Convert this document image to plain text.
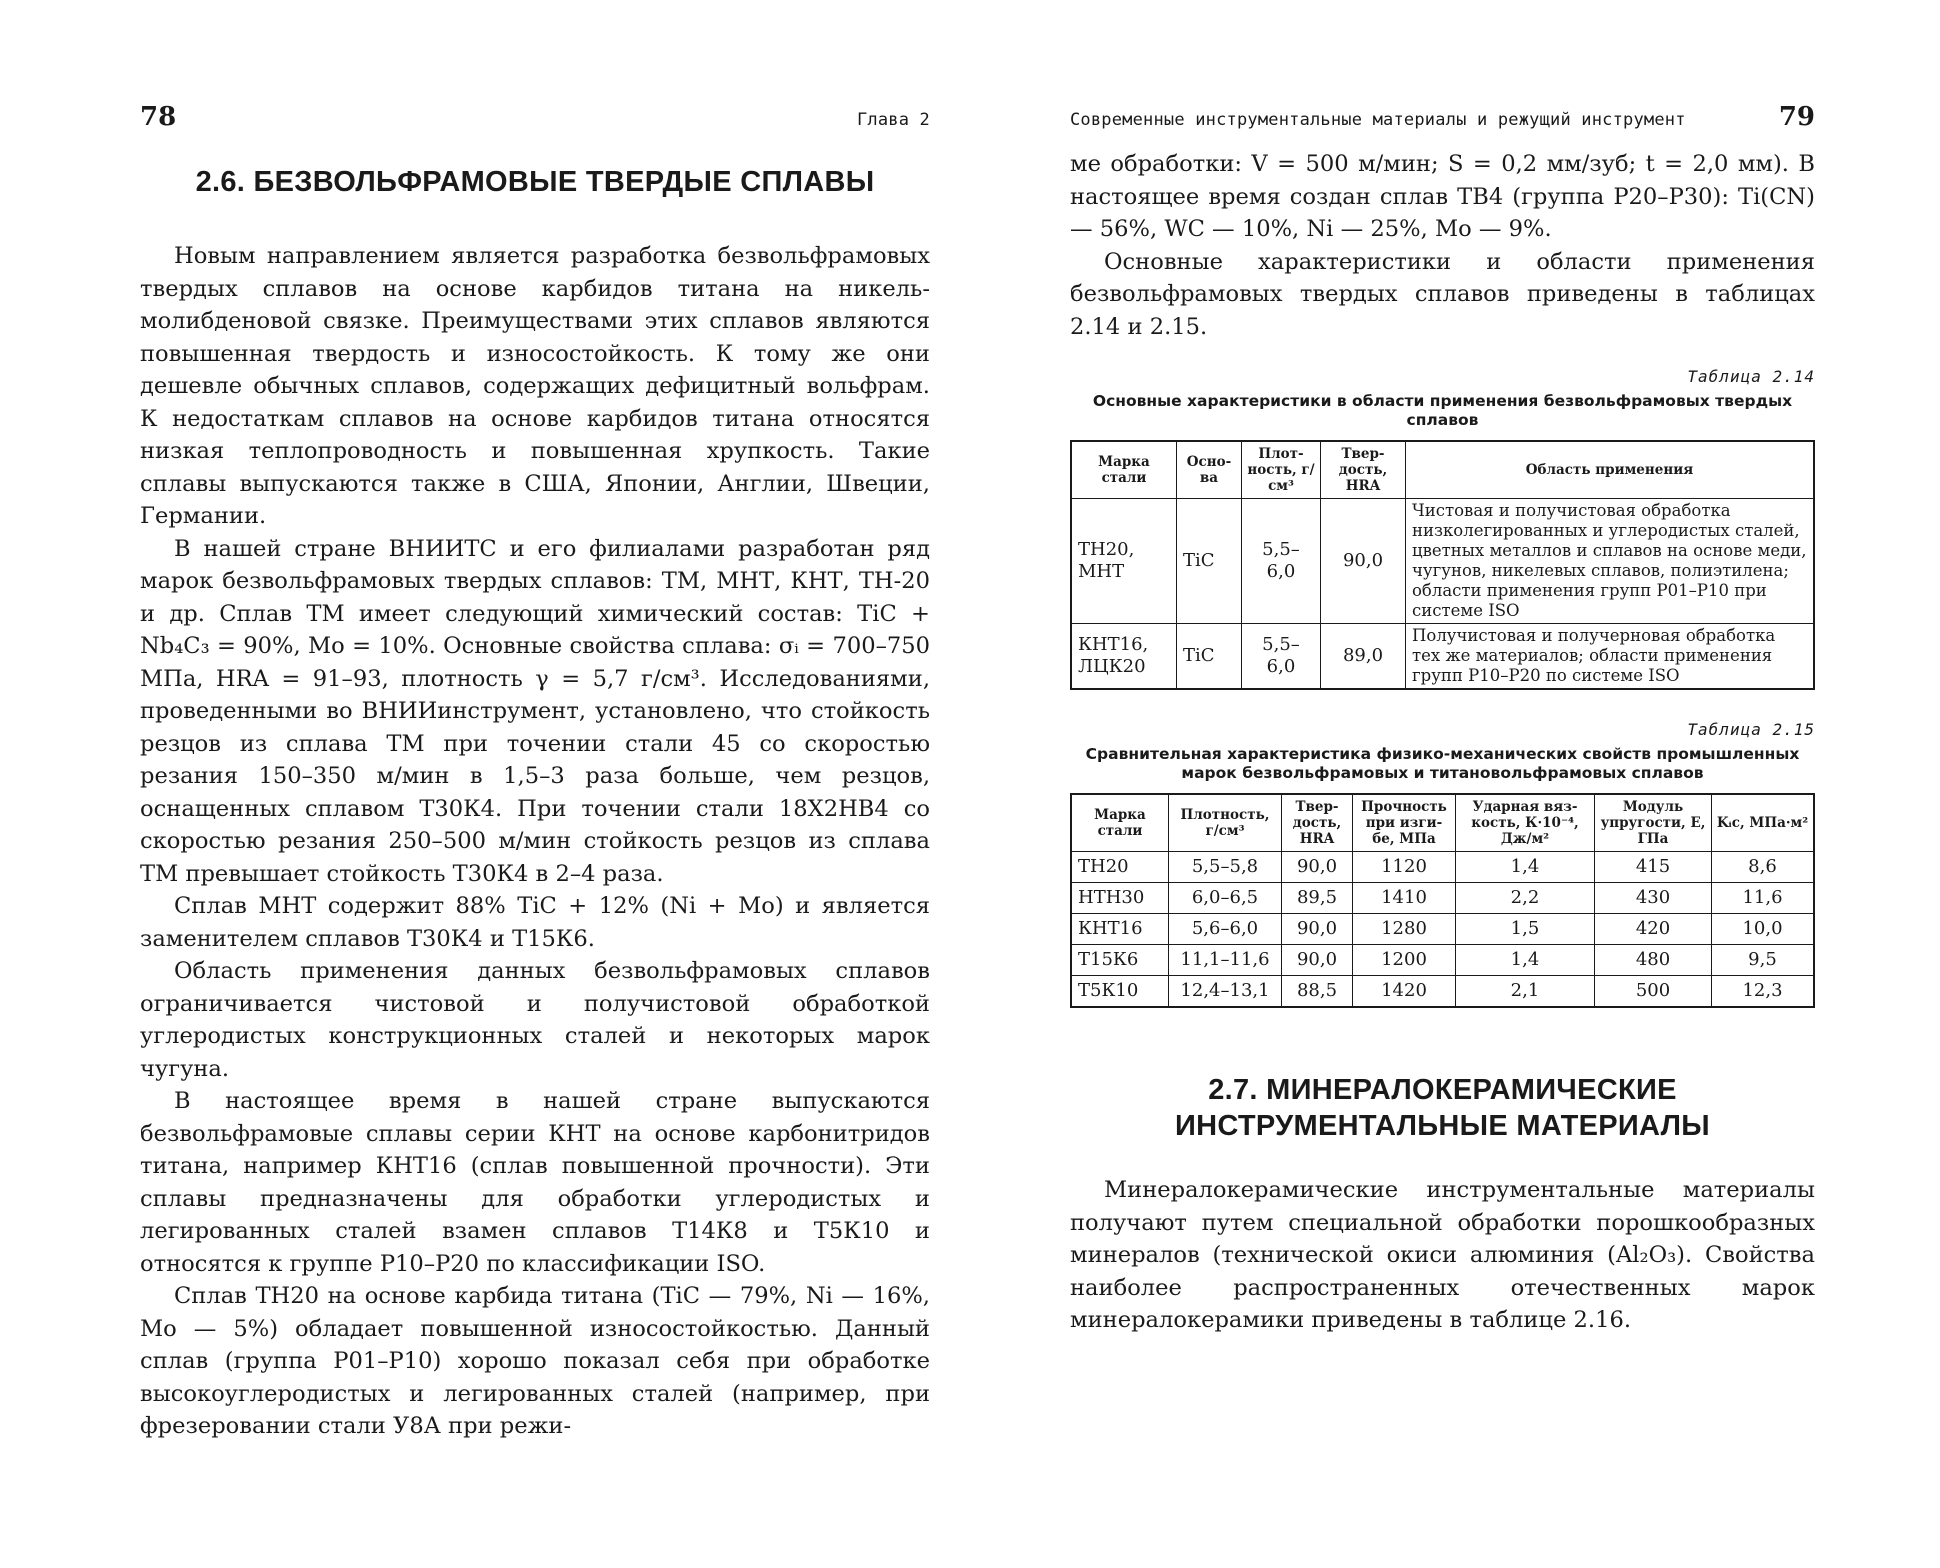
78	Глава 2
2.6. БЕЗВОЛЬФРАМОВЫЕ ТВЕРДЫЕ СПЛАВЫ

Новым направлением является разработка безвольфрамовых твердых сплавов на основе карбидов титана на никель-молибденовой связке. Преимуществами этих сплавов являются повышенная твердость и износостойкость. К тому же они дешевле обычных сплавов, содержащих дефицитный вольфрам. К недостаткам сплавов на основе карбидов титана относятся низкая теплопроводность и повышенная хрупкость. Такие сплавы выпускаются также в США, Японии, Англии, Швеции, Германии.

В нашей стране ВНИИТС и его филиалами разработан ряд марок безвольфрамовых твердых сплавов: ТМ, МНТ, КНТ, ТН-20 и др. Сплав ТМ имеет следующий химический состав: TiC + Nb₄C₃ = 90%, Mo = 10%. Основные свойства сплава: σᵢ = 700–750 МПа, HRA = 91–93, плотность γ = 5,7 г/см³. Исследованиями, проведенными во ВНИИинструмент, установлено, что стойкость резцов из сплава ТМ при точении стали 45 со скоростью резания 150–350 м/мин в 1,5–3 раза больше, чем резцов, оснащенных сплавом Т30К4. При точении стали 18Х2НВ4 со скоростью резания 250–500 м/мин стойкость резцов из сплава ТМ превышает стойкость Т30К4 в 2–4 раза.

Сплав МНТ содержит 88% TiC + 12% (Ni + Mo) и является заменителем сплавов Т30К4 и Т15К6.

Область применения данных безвольфрамовых сплавов ограничивается чистовой и получистовой обработкой углеродистых конструкционных сталей и некоторых марок чугуна.

В настоящее время в нашей стране выпускаются безвольфрамовые сплавы серии КНТ на основе карбонитридов титана, например КНТ16 (сплав повышенной прочности). Эти сплавы предназначены для обработки углеродистых и легированных сталей взамен сплавов Т14К8 и Т5К10 и относятся к группе Р10–Р20 по классификации ISO.

Сплав ТН20 на основе карбида титана (TiC — 79%, Ni — 16%, Mo — 5%) обладает повышенной износостойкостью. Данный сплав (группа Р01–Р10) хорошо показал себя при обработке высокоуглеродистых и легированных сталей (например, при фрезеровании стали У8А при режи-

Современные инструментальные материалы и режущий инструмент	79

ме обработки: V = 500 м/мин; S = 0,2 мм/зуб; t = 2,0 мм). В настоящее время создан сплав ТВ4 (группа Р20–Р30): Ti(CN) — 56%, WC — 10%, Ni — 25%, Mo — 9%.

Основные характеристики и области применения безвольфрамовых твердых сплавов приведены в таблицах 2.14 и 2.15.

Таблица 2.14
Основные характеристики в области применения безвольфрамовых твердых сплавов
Марка стали	Осно-ва	Плот-ность, г/см³	Твер-дость, HRA	Область применения
ТН20, МНТ	TiC	5,5–6,0	90,0	Чистовая и получистовая обработка низколегированных и углеродистых сталей, цветных металлов и сплавов на основе меди, чугунов, никелевых сплавов, полиэтилена; области применения групп Р01–Р10 при системе ISO
КНТ16, ЛЦК20	TiC	5,5–6,0	89,0	Получистовая и получерновая обработка тех же материалов; области применения групп Р10–Р20 по системе ISO
Таблица 2.15
Сравнительная характеристика физико-механических свойств промышленных марок безвольфрамовых и титановольфрамовых сплавов
Марка стали	Плотность, г/см³	Твер-дость, HRA	Прочность при изги-бе, МПа	Ударная вяз-кость, К·10⁻⁴, Дж/м²	Модуль упругости, E, ГПа	Kᵢc, МПа·м²
ТН20	5,5–5,8	90,0	1120	1,4	415	8,6
НТН30	6,0–6,5	89,5	1410	2,2	430	11,6
КНТ16	5,6–6,0	90,0	1280	1,5	420	10,0
Т15К6	11,1–11,6	90,0	1200	1,4	480	9,5
Т5К10	12,4–13,1	88,5	1420	2,1	500	12,3
2.7. МИНЕРАЛОКЕРАМИЧЕСКИЕ ИНСТРУМЕНТАЛЬНЫЕ МАТЕРИАЛЫ

Минералокерамические инструментальные материалы получают путем специальной обработки порошкообразных минералов (технической окиси алюминия (Al₂O₃). Свойства наиболее распространенных отечественных марок минералокерамики приведены в таблице 2.16.
